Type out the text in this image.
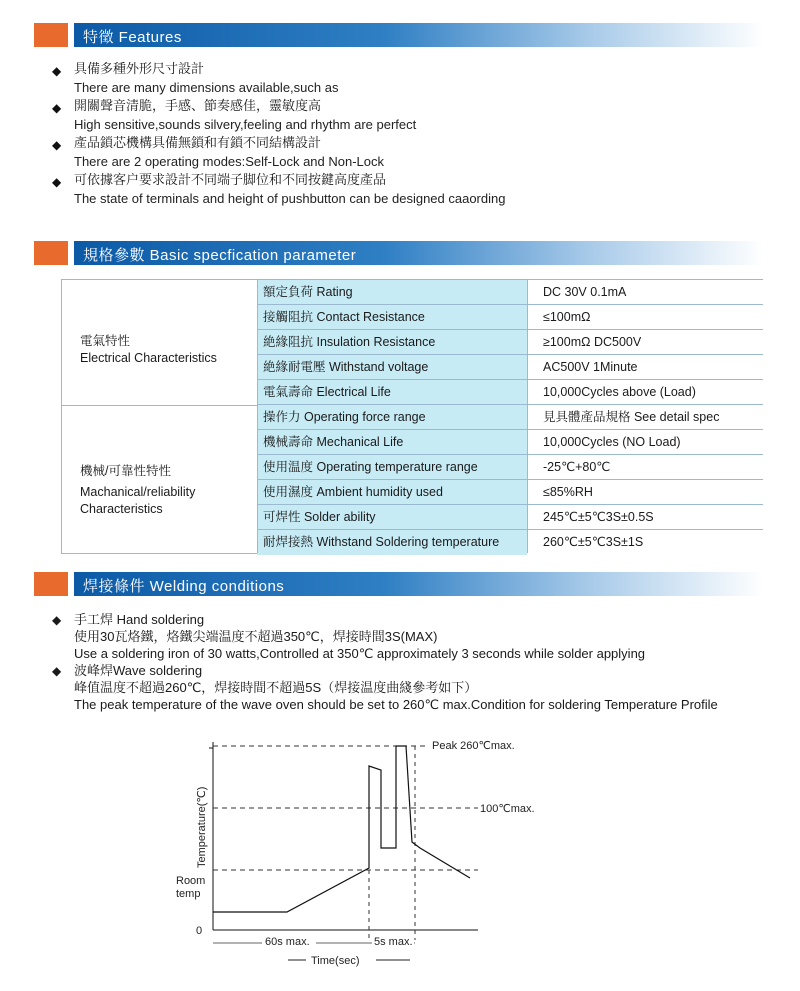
特徵 Features
◆ 具備多種外形尺寸設計
There are many dimensions available,such as
◆ 開關聲音清脆，手感、節奏感佳，靈敏度高
High sensitive,sounds silvery,feeling and rhythm are perfect
◆ 產品鎖芯機構具備無鎖和有鎖不同結構設計
There are 2 operating modes:Self-Lock and Non-Lock
◆ 可依據客户要求設計不同端子脚位和不同按鍵高度產品
The state of terminals and height of pushbutton can be designed caaording
規格參數 Basic specfication parameter
電氣特性
Electrical Characteristics
機械/可靠性特性
Machanical/reliability
Characteristics
額定負荷 Rating
接觸阻抗 Contact Resistance
絶緣阻抗 Insulation Resistance
絶緣耐電壓 Withstand voltage
電氣壽命 Electrical Life
操作力 Operating force range
機械壽命 Mechanical Life
使用温度 Operating temperature range
使用濕度 Ambient humidity used
可焊性 Solder ability
耐焊接熱 Withstand Soldering temperature
DC 30V 0.1mA
≤100mΩ
≥100mΩ DC500V
AC500V 1Minute
10,000Cycles above (Load)
見具體產品規格 See detail spec
10,000Cycles (NO Load)
-25℃+80℃
≤85%RH
245℃±5℃3S±0.5S
260℃±5℃3S±1S
焊接條件 Welding conditions
◆ 手工焊 Hand soldering
使用30瓦烙鐵，烙鐵尖端温度不超過350℃，焊接時間3S(MAX)
Use a soldering iron of 30 watts,Controlled at 350℃ approximately 3 seconds while solder applying
◆ 波峰焊Wave soldering
峰值温度不超過260℃，焊接時間不超過5S（焊接温度曲綫參考如下）
The peak temperature of the wave oven should be set to 260℃ max.Condition for soldering Temperature Profile
Peak 260℃max.
100℃max.
Room
temp
0
Temperature(℃)
60s max.	5s max.
Time(sec)
